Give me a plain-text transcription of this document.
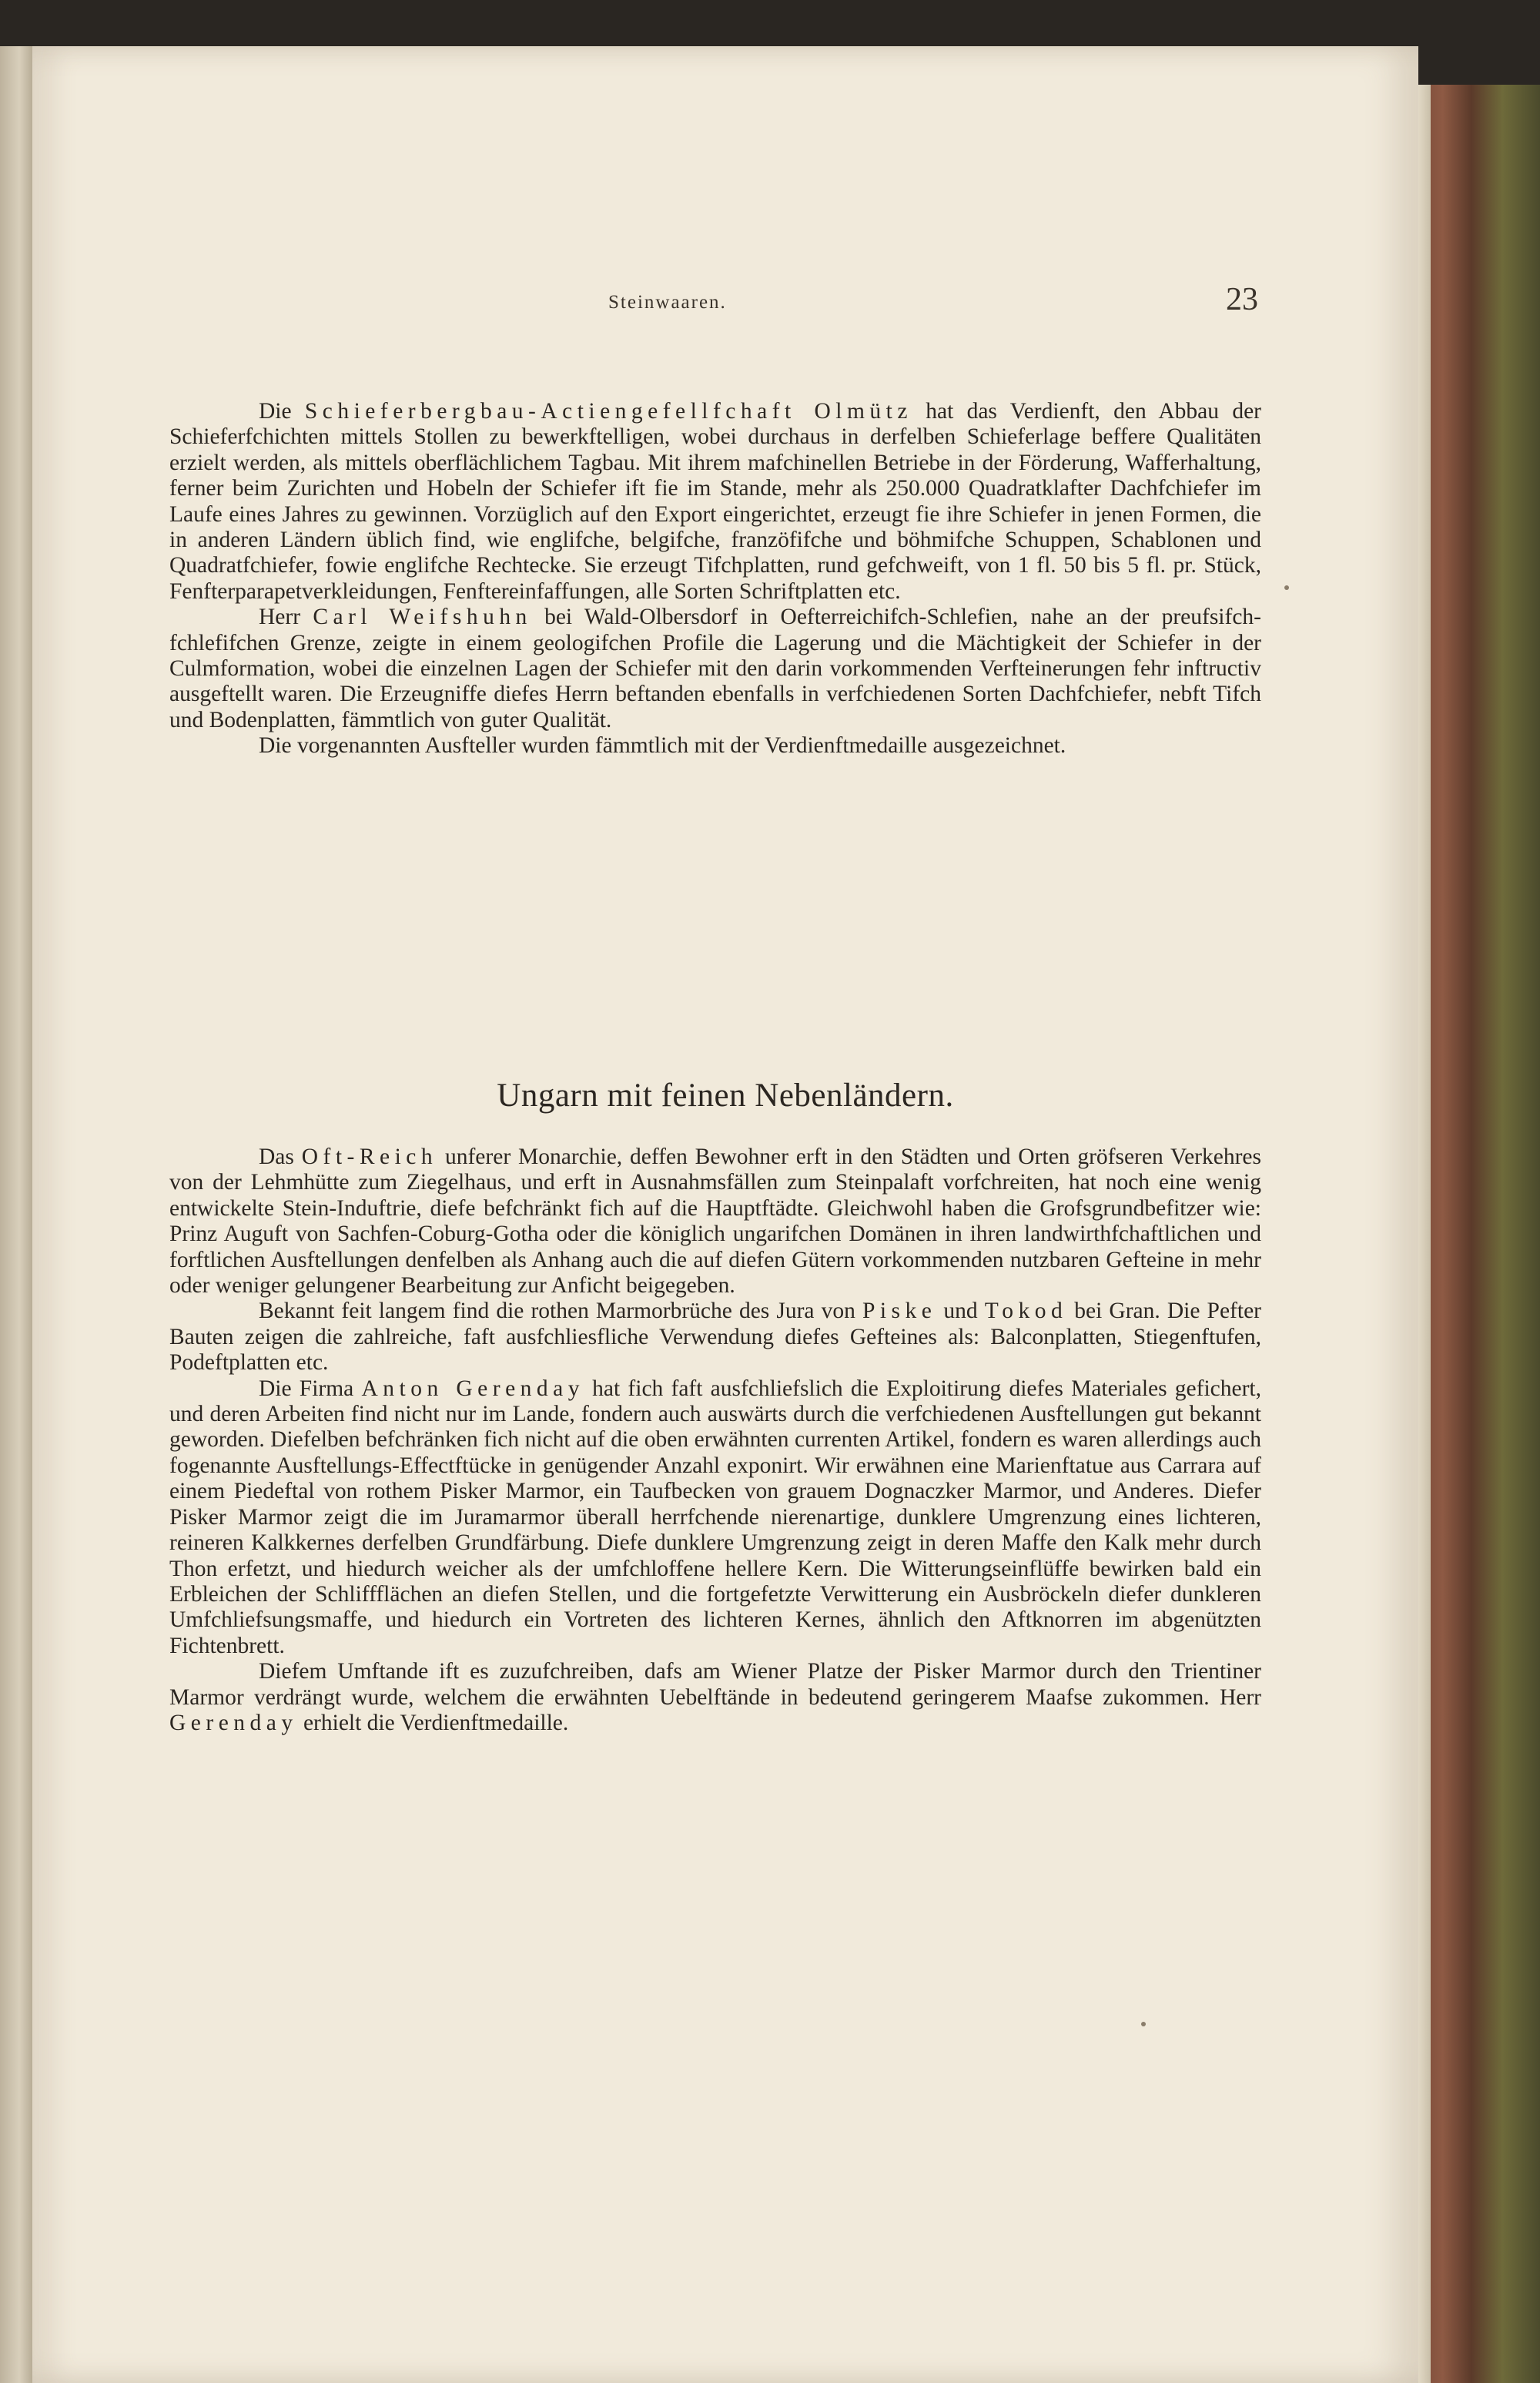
Steinwaaren.	23

Die Schieferbergbau-Actiengefellfchaft Olmütz hat das Verdienft, den Abbau der Schieferfchichten mittels Stollen zu bewerkftelligen, wobei durchaus in derfelben Schieferlage beffere Qualitäten erzielt werden, als mittels oberflächlichem Tagbau. Mit ihrem mafchinellen Betriebe in der Förderung, Wafferhaltung, ferner beim Zurichten und Hobeln der Schiefer ift fie im Stande, mehr als 250.000 Quadratklafter Dachfchiefer im Laufe eines Jahres zu gewinnen. Vorzüglich auf den Export eingerichtet, erzeugt fie ihre Schiefer in jenen Formen, die in anderen Ländern üblich find, wie englifche, belgifche, franzöfifche und böhmifche Schuppen, Schablonen und Quadratfchiefer, fowie englifche Rechtecke. Sie erzeugt Tifchplatten, rund gefchweift, von 1 fl. 50 bis 5 fl. pr. Stück, Fenfterparapetverkleidungen, Fenftereinfaffungen, alle Sorten Schriftplatten etc.

Herr Carl Weifshuhn bei Wald-Olbersdorf in Oefterreichifch-Schlefien, nahe an der preufsifch-fchlefifchen Grenze, zeigte in einem geologifchen Profile die Lagerung und die Mächtigkeit der Schiefer in der Culmformation, wobei die einzelnen Lagen der Schiefer mit den darin vorkommenden Verfteinerungen fehr inftructiv ausgeftellt waren. Die Erzeugniffe diefes Herrn beftanden ebenfalls in verfchiedenen Sorten Dachfchiefer, nebft Tifch und Bodenplatten, fämmtlich von guter Qualität.

Die vorgenannten Ausfteller wurden fämmtlich mit der Verdienftmedaille ausgezeichnet.

Ungarn mit feinen Nebenländern.

Das Oft-Reich unferer Monarchie, deffen Bewohner erft in den Städten und Orten gröfseren Verkehres von der Lehmhütte zum Ziegelhaus, und erft in Ausnahmsfällen zum Steinpalaft vorfchreiten, hat noch eine wenig entwickelte Stein-Induftrie, diefe befchränkt fich auf die Hauptftädte. Gleichwohl haben die Grofsgrundbefitzer wie: Prinz Auguft von Sachfen-Coburg-Gotha oder die königlich ungarifchen Domänen in ihren landwirthfchaftlichen und forftlichen Ausftellungen denfelben als Anhang auch die auf diefen Gütern vorkommenden nutzbaren Gefteine in mehr oder weniger gelungener Bearbeitung zur Anficht beigegeben.

Bekannt feit langem find die rothen Marmorbrüche des Jura von Piske und Tokod bei Gran. Die Pefter Bauten zeigen die zahlreiche, faft ausfchliesfliche Verwendung diefes Gefteines als: Balconplatten, Stiegenftufen, Podeftplatten etc.

Die Firma Anton Gerenday hat fich faft ausfchliefslich die Exploitirung diefes Materiales gefichert, und deren Arbeiten find nicht nur im Lande, fondern auch auswärts durch die verfchiedenen Ausftellungen gut bekannt geworden. Diefelben befchränken fich nicht auf die oben erwähnten currenten Artikel, fondern es waren allerdings auch fogenannte Ausftellungs-Effectftücke in genügender Anzahl exponirt. Wir erwähnen eine Marienftatue aus Carrara auf einem Piedeftal von rothem Pisker Marmor, ein Taufbecken von grauem Dognaczker Marmor, und Anderes. Diefer Pisker Marmor zeigt die im Juramarmor überall herrfchende nierenartige, dunklere Umgrenzung eines lichteren, reineren Kalkkernes derfelben Grundfärbung. Diefe dunklere Umgrenzung zeigt in deren Maffe den Kalk mehr durch Thon erfetzt, und hiedurch weicher als der umfchloffene hellere Kern. Die Witterungseinflüffe bewirken bald ein Erbleichen der Schliffflächen an diefen Stellen, und die fortgefetzte Verwitterung ein Ausbröckeln diefer dunkleren Umfchliefsungsmaffe, und hiedurch ein Vortreten des lichteren Kernes, ähnlich den Aftknorren im abgenützten Fichtenbrett.

Diefem Umftande ift es zuzufchreiben, dafs am Wiener Platze der Pisker Marmor durch den Trientiner Marmor verdrängt wurde, welchem die erwähnten Uebelftände in bedeutend geringerem Maafse zukommen. Herr Gerenday erhielt die Verdienftmedaille.
